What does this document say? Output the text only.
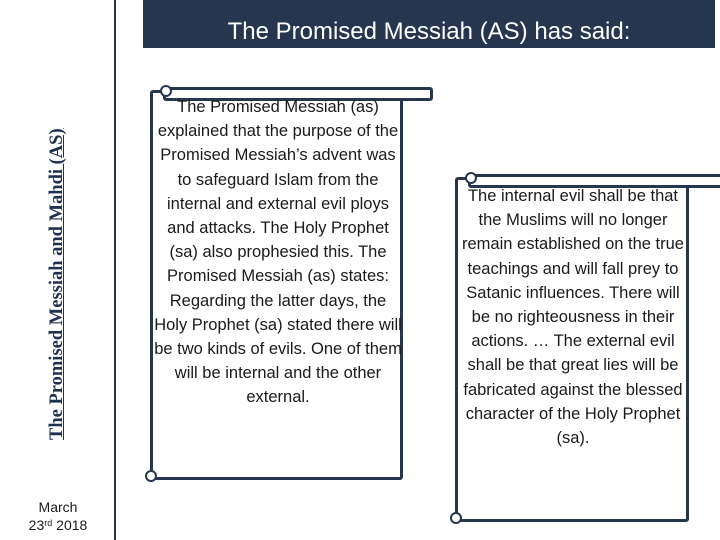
The Promised Messiah and Mahdi (AS)
March
23rd 2018
The Promised Messiah (AS) has said:
The Promised Messiah (as) explained that the purpose of the Promised Messiah’s advent was to safeguard Islam from the internal and external evil ploys and attacks. The Holy Prophet (sa) also prophesied this. The Promised Messiah (as) states: Regarding the latter days, the Holy Prophet (sa) stated there will be two kinds of evils. One of them will be internal and the other external.
The internal evil shall be that the Muslims will no longer remain established on the true teachings and will fall prey to Satanic influences. There will be no righteousness in their actions. … The external evil shall be that great lies will be fabricated against the blessed character of the Holy Prophet (sa).
